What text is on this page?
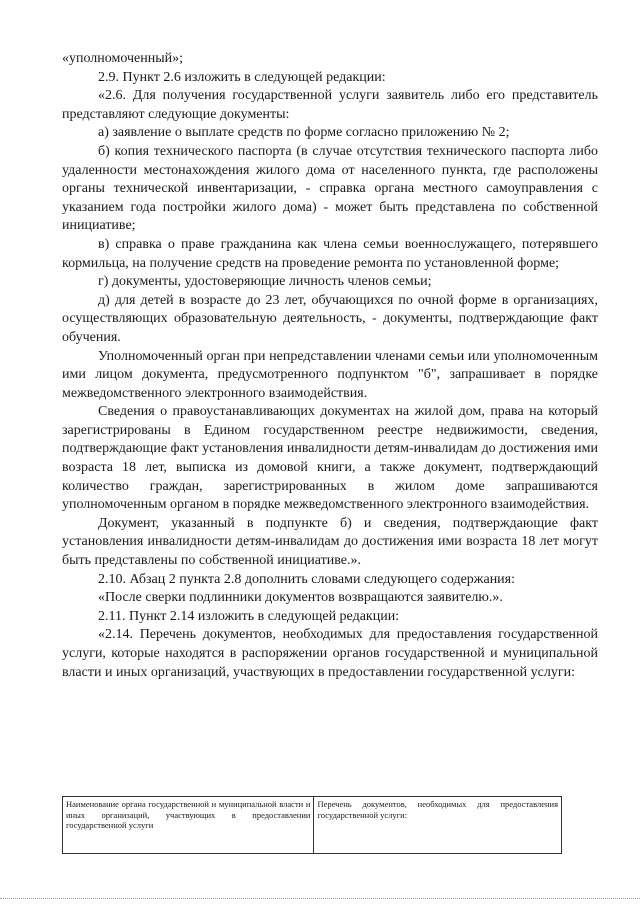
«уполномоченный»;

2.9. Пункт 2.6 изложить в следующей редакции:

«2.6. Для получения государственной услуги заявитель либо его представитель представляют следующие документы:

а) заявление о выплате средств по форме согласно приложению № 2;

б) копия технического паспорта (в случае отсутствия технического паспорта либо удаленности местонахождения жилого дома от населенного пункта, где расположены органы технической инвентаризации, - справка органа местного самоуправления с указанием года постройки жилого дома) - может быть представлена по собственной инициативе;

в) справка о праве гражданина как члена семьи военнослужащего, потерявшего кормильца, на получение средств на проведение ремонта по установленной форме;

г) документы, удостоверяющие личность членов семьи;

д) для детей в возрасте до 23 лет, обучающихся по очной форме в организациях, осуществляющих образовательную деятельность, - документы, подтверждающие факт обучения.

Уполномоченный орган при непредставлении членами семьи или уполномоченным ими лицом документа, предусмотренного подпунктом "б", запрашивает в порядке межведомственного электронного взаимодействия.

Сведения о правоустанавливающих документах на жилой дом, права на который зарегистрированы в Едином государственном реестре недвижимости, сведения, подтверждающие факт установления инвалидности детям-инвалидам до достижения ими возраста 18 лет, выписка из домовой книги, а также документ, подтверждающий количество граждан, зарегистрированных в жилом доме запрашиваются уполномоченным органом в порядке межведомственного электронного взаимодействия.

Документ, указанный в подпункте б) и сведения, подтверждающие факт установления инвалидности детям-инвалидам до достижения ими возраста 18 лет могут быть представлены по собственной инициативе.».

2.10. Абзац 2 пункта 2.8 дополнить словами следующего содержания:

«После сверки подлинники документов возвращаются заявителю.».

2.11. Пункт 2.14 изложить в следующей редакции:

«2.14. Перечень документов, необходимых для предоставления государственной услуги, которые находятся в распоряжении органов государственной и муниципальной власти и иных организаций, участвующих в предоставлении государственной услуги:

Наименование органа государственной и муниципальной власти и иных организаций, участвующих в предоставлении государственной услуги	Перечень документов, необходимых для предоставления государственной услуги:
